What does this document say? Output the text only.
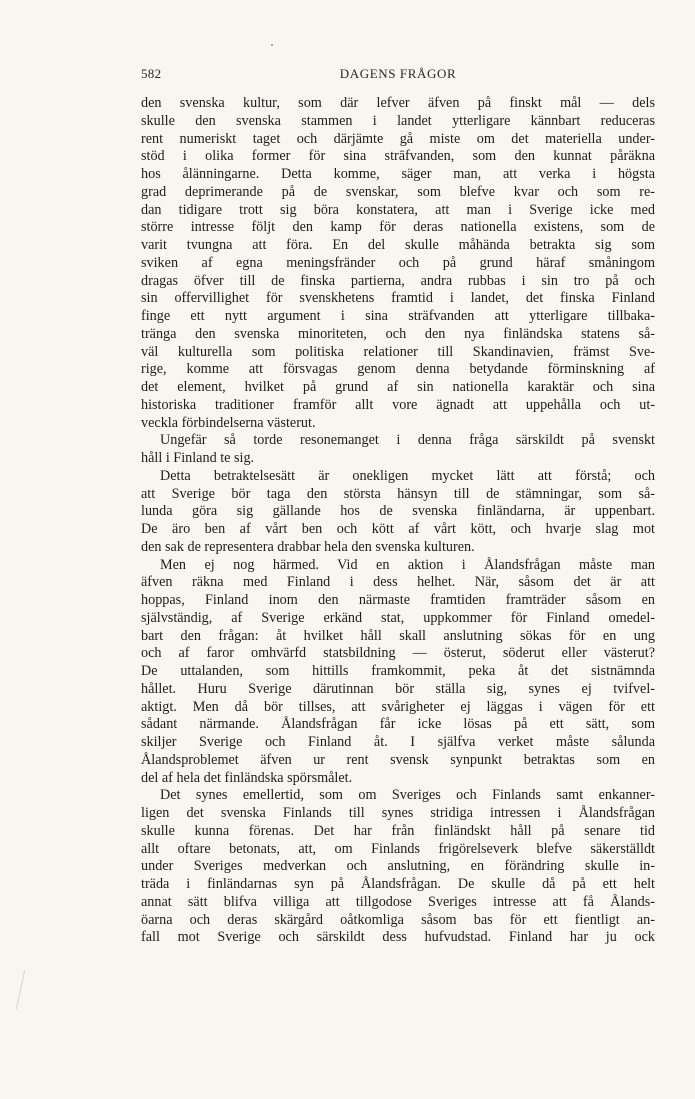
582	DAGENS FRÅGOR

den svenska kultur, som där lefver äfven på finskt mål — dels

skulle den svenska stammen i landet ytterligare kännbart reduceras

rent numeriskt taget och därjämte gå miste om det materiella under-

stöd i olika former för sina strāfvanden, som den kunnat påräkna

hos ålänningarne. Detta komme, säger man, att verka i högsta

grad deprimerande på de svenskar, som blefve kvar och som re-

dan tidigare trott sig böra konstatera, att man i Sverige icke med

större intresse följt den kamp för deras nationella existens, som de

varit tvungna att föra. En del skulle måhända betrakta sig som

sviken af egna meningsfränder och på grund häraf småningom

dragas öfver till de finska partierna, andra rubbas i sin tro på och

sin offervillighet för svenskhetens framtid i landet, det finska Finland

finge ett nytt argument i sina sträfvanden att ytterligare tillbaka-

tränga den svenska minoriteten, och den nya finländska statens så-

väl kulturella som politiska relationer till Skandinavien, främst Sve-

rige, komme att försvagas genom denna betydande förminskning af

det element, hvilket på grund af sin nationella karaktär och sina

historiska traditioner framför allt vore ägnadt att uppehålla och ut-

veckla förbindelserna västerut.

Ungefär så torde resonemanget i denna fråga särskildt på svenskt

håll i Finland te sig.

Detta betraktelsesätt är onekligen mycket lätt att förstå; och

att Sverige bör taga den största hänsyn till de stämningar, som så-

lunda göra sig gällande hos de svenska finländarna, är uppenbart.

De äro ben af vårt ben och kött af vårt kött, och hvarje slag mot

den sak de representera drabbar hela den svenska kulturen.

Men ej nog härmed. Vid en aktion i Ålandsfrågan måste man

äfven räkna med Finland i dess helhet. När, såsom det är att

hoppas, Finland inom den närmaste framtiden framträder såsom en

självständig, af Sverige erkänd stat, uppkommer för Finland omedel-

bart den frågan: åt hvilket håll skall anslutning sökas för en ung

och af faror omhvärfd statsbildning — österut, söderut eller västerut?

De uttalanden, som hittills framkommit, peka åt det sistnämnda

hållet. Huru Sverige därutinnan bör ställa sig, synes ej tvifvel-

aktigt. Men då bör tillses, att svårigheter ej läggas i vägen för ett

sådant närmande. Ålandsfrågan får icke lösas på ett sätt, som

skiljer Sverige och Finland åt. I själfva verket måste sålunda

Ålandsproblemet äfven ur rent svensk synpunkt betraktas som en

del af hela det finländska spörsmålet.

Det synes emellertid, som om Sveriges och Finlands samt enkanner-

ligen det svenska Finlands till synes stridiga intressen i Ålandsfrågan

skulle kunna förenas. Det har från finländskt håll på senare tid

allt oftare betonats, att, om Finlands frigörelseverk blefve säkerställdt

under Sveriges medverkan och anslutning, en förändring skulle in-

träda i finländarnas syn på Ålandsfrågan. De skulle då på ett helt

annat sätt blifva villiga att tillgodose Sveriges intresse att få Ålands-

öarna och deras skärgård oåtkomliga såsom bas för ett fientligt an-

fall mot Sverige och särskildt dess hufvudstad. Finland har ju ock
